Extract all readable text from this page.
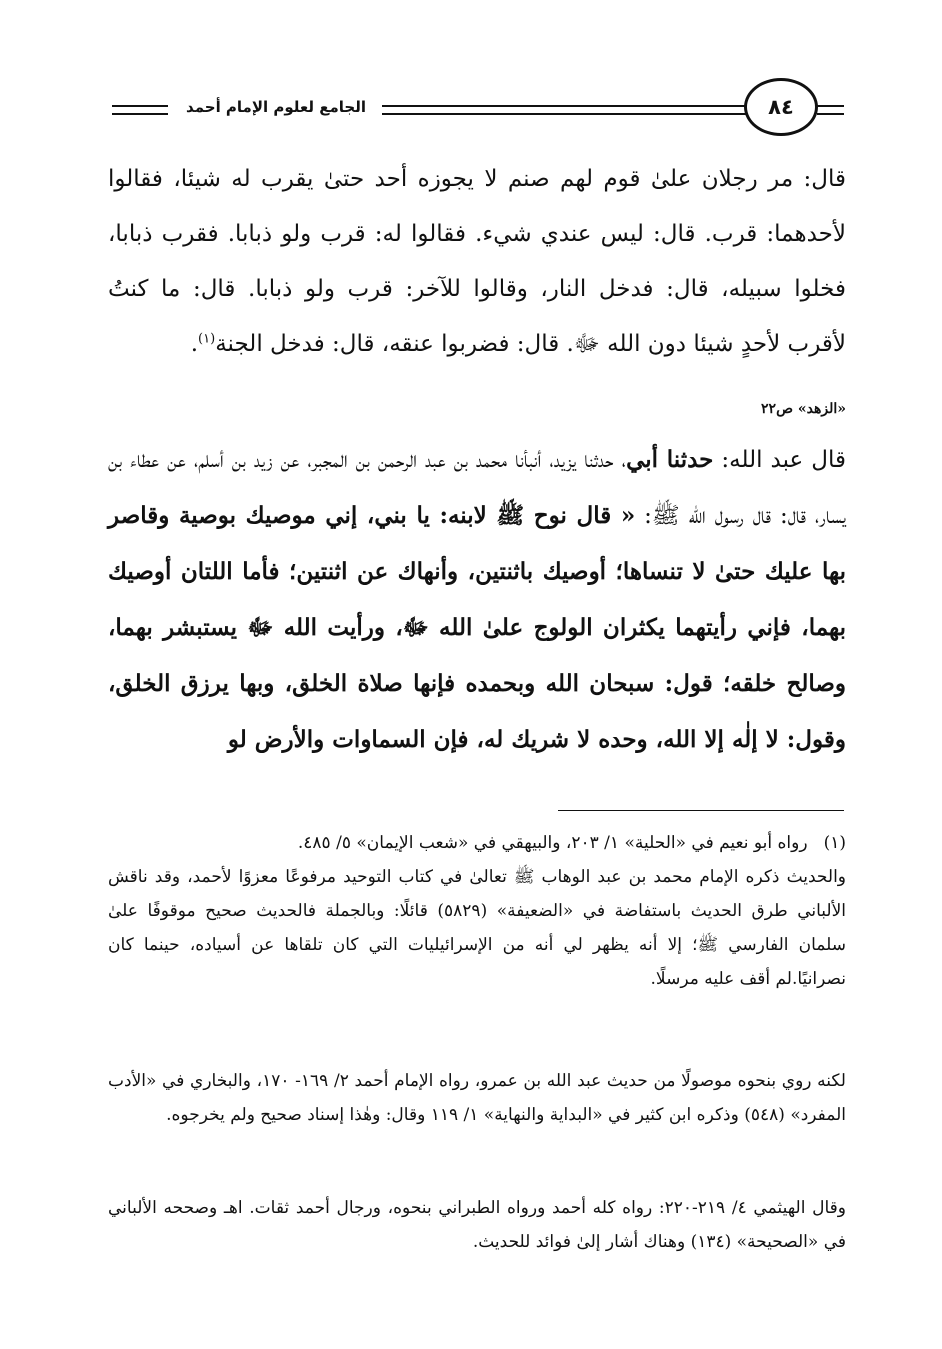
الجامع لعلوم الإمام أحمد	٨٤

قال: مر رجلان علىٰ قوم لهم صنم لا يجوزه أحد حتىٰ يقرب له شيئا، فقالوا لأحدهما: قرب. قال: ليس عندي شيء. فقالوا له: قرب ولو ذبابا. فقرب ذبابا، فخلوا سبيله، قال: فدخل النار، وقالوا للآخر: قرب ولو ذبابا. قال: ما كنتُ لأقرب لأحدٍ شيئا دون الله ﷻ. قال: فضربوا عنقه، قال: فدخل الجنة$^{(١)}$.

«الزهد» ص٢٢

قال عبد الله: حدثنا أبي، حدثنا يزيد، أنبأنا محمد بن عبد الرحمن بن المجبر، عن زيد بن أسلم، عن عطاء بن يسار، قال: قال رسول الله ﷺ: « قال نوح ﷺ لابنه: يا بني، إني موصيك بوصية وقاصر بها عليك حتىٰ لا تنساها؛ أوصيك باثنتين، وأنهاك عن اثنتين؛ فأما اللتان أوصيك بهما، فإني رأيتهما يكثران الولوج علىٰ الله ﷻ، ورأيت الله ﷻ يستبشر بهما، وصالح خلقه؛ قول: سبحان الله وبحمده فإنها صلاة الخلق، وبها يرزق الخلق، وقول: لا إلٰه إلا الله، وحده لا شريك له، فإن السماوات والأرض لو

(١)رواه أبو نعيم في «الحلية» ١/ ٢٠٣، والبيهقي في «شعب الإيمان» ٥/ ٤٨٥.

والحديث ذكره الإمام محمد بن عبد الوهاب ﷺ تعالىٰ في كتاب التوحيد مرفوعًا معزوًا لأحمد، وقد ناقش الألباني طرق الحديث باستفاضة في «الضعيفة» (٥٨٢٩) قائلًا: وبالجملة فالحديث صحيح موقوفًا علىٰ سلمان الفارسي ﷺ؛ إلا أنه يظهر لي أنه من الإسرائيليات التي كان تلقاها عن أسياده، حينما كان نصرانيًا.لم أقف عليه مرسلًا.

لكنه روي بنحوه موصولًا من حديث عبد الله بن عمرو، رواه الإمام أحمد ٢/ ١٦٩- ١٧٠، والبخاري في «الأدب المفرد» (٥٤٨) وذكره ابن كثير في «البداية والنهاية» ١/ ١١٩ وقال: وهٰذا إسناد صحيح ولم يخرجوه.

وقال الهيثمي ٤/ ٢١٩-٢٢٠: رواه كله أحمد ورواه الطبراني بنحوه، ورجال أحمد ثقات. اهـ وصححه الألباني في «الصحيحة» (١٣٤) وهناك أشار إلىٰ فوائد للحديث.
